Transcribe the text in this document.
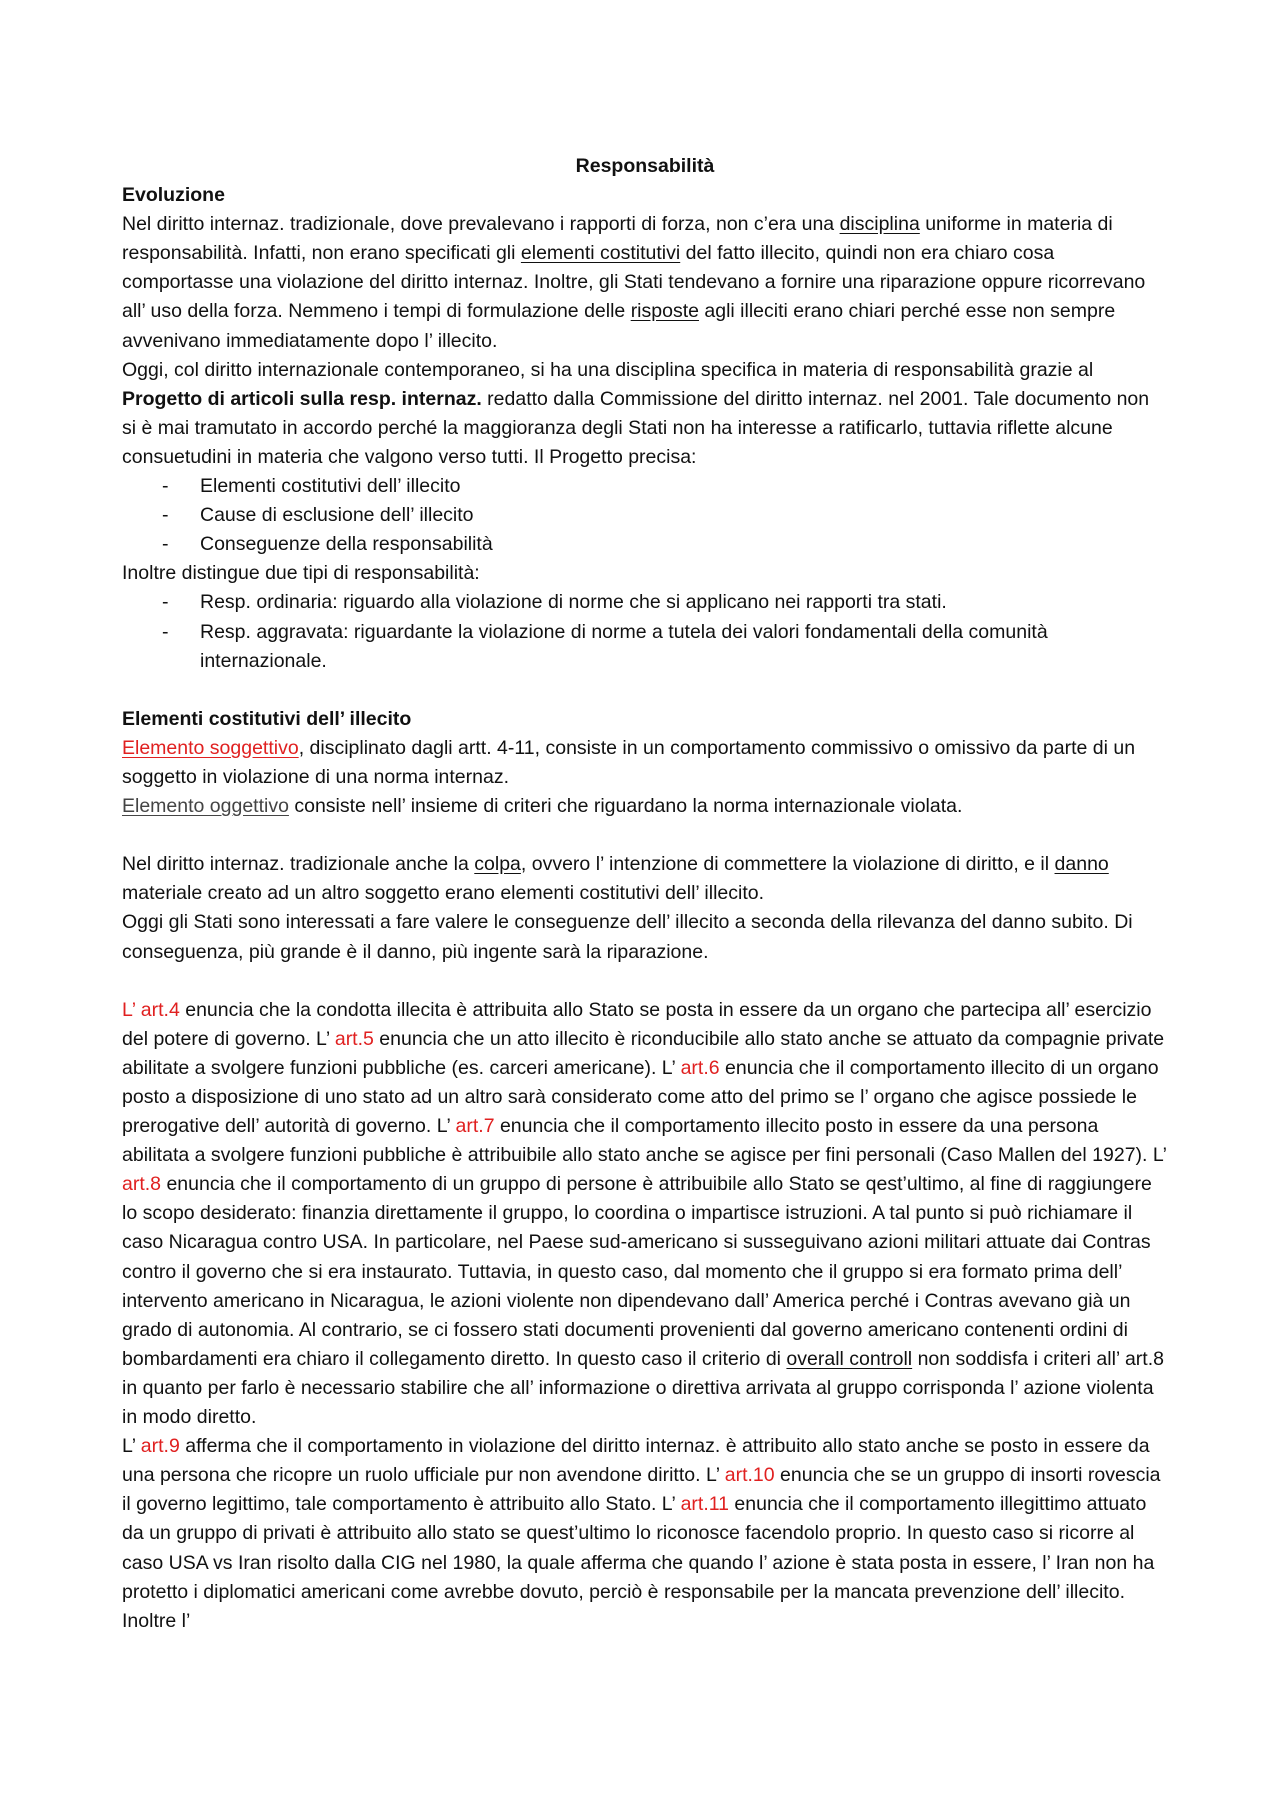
Responsabilità

Evoluzione

Nel diritto internaz. tradizionale, dove prevalevano i rapporti di forza, non c’era una disciplina uniforme in materia di responsabilità. Infatti, non erano specificati gli elementi costitutivi del fatto illecito, quindi non era chiaro cosa comportasse una violazione del diritto internaz. Inoltre, gli Stati tendevano a fornire una riparazione oppure ricorrevano all’ uso della forza. Nemmeno i tempi di formulazione delle risposte agli illeciti erano chiari perché esse non sempre avvenivano immediatamente dopo l’ illecito.

Oggi, col diritto internazionale contemporaneo, si ha una disciplina specifica in materia di responsabilità grazie al Progetto di articoli sulla resp. internaz. redatto dalla Commissione del diritto internaz. nel 2001. Tale documento non si è mai tramutato in accordo perché la maggioranza degli Stati non ha interesse a ratificarlo, tuttavia riflette alcune consuetudini in materia che valgono verso tutti. Il Progetto precisa:

- Elementi costitutivi dell’ illecito
- Cause di esclusione dell’ illecito
- Conseguenze della responsabilità

Inoltre distingue due tipi di responsabilità:

- Resp. ordinaria: riguardo alla violazione di norme che si applicano nei rapporti tra stati.
- Resp. aggravata: riguardante la violazione di norme a tutela dei valori fondamentali della comunità internazionale.

Elementi costitutivi dell’ illecito

Elemento soggettivo, disciplinato dagli artt. 4-11, consiste in un comportamento commissivo o omissivo da parte di un soggetto in violazione di una norma internaz.

Elemento oggettivo consiste nell’ insieme di criteri che riguardano la norma internazionale violata.

Nel diritto internaz. tradizionale anche la colpa, ovvero l’ intenzione di commettere la violazione di diritto, e il danno materiale creato ad un altro soggetto erano elementi costitutivi dell’ illecito.

Oggi gli Stati sono interessati a fare valere le conseguenze dell’ illecito a seconda della rilevanza del danno subito. Di conseguenza, più grande è il danno, più ingente sarà la riparazione.

L’ art.4 enuncia che la condotta illecita è attribuita allo Stato se posta in essere da un organo che partecipa all’ esercizio del potere di governo. L’ art.5 enuncia che un atto illecito è riconducibile allo stato anche se attuato da compagnie private abilitate a svolgere funzioni pubbliche (es. carceri americane). L’ art.6 enuncia che il comportamento illecito di un organo posto a disposizione di uno stato ad un altro sarà considerato come atto del primo se l’ organo che agisce possiede le prerogative dell’ autorità di governo. L’ art.7 enuncia che il comportamento illecito posto in essere da una persona abilitata a svolgere funzioni pubbliche è attribuibile allo stato anche se agisce per fini personali (Caso Mallen del 1927). L’ art.8 enuncia che il comportamento di un gruppo di persone è attribuibile allo Stato se qest’ultimo, al fine di raggiungere lo scopo desiderato: finanzia direttamente il gruppo, lo coordina o impartisce istruzioni. A tal punto si può richiamare il caso Nicaragua contro USA. In particolare, nel Paese sud-americano si susseguivano azioni militari attuate dai Contras contro il governo che si era instaurato. Tuttavia, in questo caso, dal momento che il gruppo si era formato prima dell’ intervento americano in Nicaragua, le azioni violente non dipendevano dall’ America perché i Contras avevano già un grado di autonomia. Al contrario, se ci fossero stati documenti provenienti dal governo americano contenenti ordini di bombardamenti era chiaro il collegamento diretto. In questo caso il criterio di overall controll non soddisfa i criteri all’ art.8 in quanto per farlo è necessario stabilire che all’ informazione o direttiva arrivata al gruppo corrisponda l’ azione violenta in modo diretto.

L’ art.9 afferma che il comportamento in violazione del diritto internaz. è attribuito allo stato anche se posto in essere da una persona che ricopre un ruolo ufficiale pur non avendone diritto. L’ art.10 enuncia che se un gruppo di insorti rovescia il governo legittimo, tale comportamento è attribuito allo Stato. L’ art.11 enuncia che il comportamento illegittimo attuato da un gruppo di privati è attribuito allo stato se quest’ultimo lo riconosce facendolo proprio. In questo caso si ricorre al caso USA vs Iran risolto dalla CIG nel 1980, la quale afferma che quando l’ azione è stata posta in essere, l’ Iran non ha protetto i diplomatici americani come avrebbe dovuto, perciò è responsabile per la mancata prevenzione dell’ illecito. Inoltre l’
